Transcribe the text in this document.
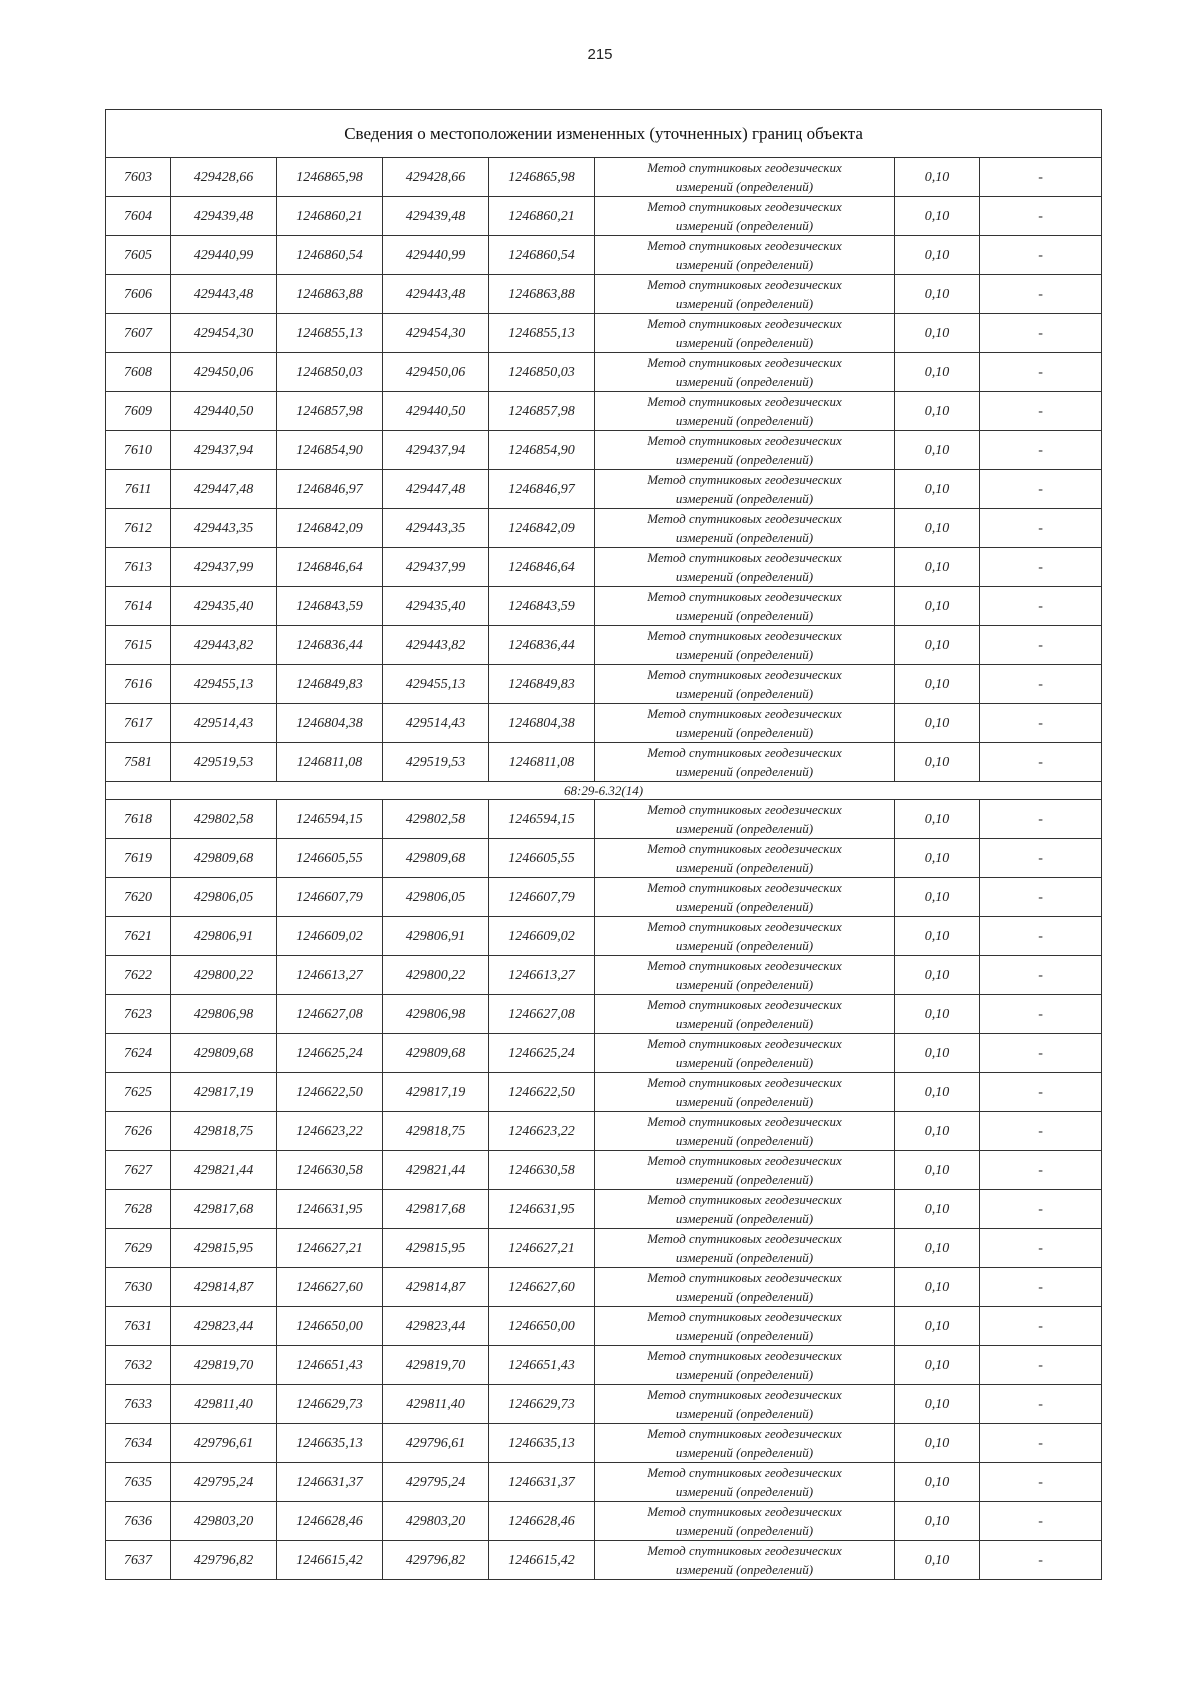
215
Сведения о местоположении измененных (уточненных) границ объекта							
7603	429428,66	1246865,98	429428,66	1246865,98	Метод спутниковых геодезических
измерений (определений)	0,10	-
7604	429439,48	1246860,21	429439,48	1246860,21	Метод спутниковых геодезических
измерений (определений)	0,10	-
7605	429440,99	1246860,54	429440,99	1246860,54	Метод спутниковых геодезических
измерений (определений)	0,10	-
7606	429443,48	1246863,88	429443,48	1246863,88	Метод спутниковых геодезических
измерений (определений)	0,10	-
7607	429454,30	1246855,13	429454,30	1246855,13	Метод спутниковых геодезических
измерений (определений)	0,10	-
7608	429450,06	1246850,03	429450,06	1246850,03	Метод спутниковых геодезических
измерений (определений)	0,10	-
7609	429440,50	1246857,98	429440,50	1246857,98	Метод спутниковых геодезических
измерений (определений)	0,10	-
7610	429437,94	1246854,90	429437,94	1246854,90	Метод спутниковых геодезических
измерений (определений)	0,10	-
7611	429447,48	1246846,97	429447,48	1246846,97	Метод спутниковых геодезических
измерений (определений)	0,10	-
7612	429443,35	1246842,09	429443,35	1246842,09	Метод спутниковых геодезических
измерений (определений)	0,10	-
7613	429437,99	1246846,64	429437,99	1246846,64	Метод спутниковых геодезических
измерений (определений)	0,10	-
7614	429435,40	1246843,59	429435,40	1246843,59	Метод спутниковых геодезических
измерений (определений)	0,10	-
7615	429443,82	1246836,44	429443,82	1246836,44	Метод спутниковых геодезических
измерений (определений)	0,10	-
7616	429455,13	1246849,83	429455,13	1246849,83	Метод спутниковых геодезических
измерений (определений)	0,10	-
7617	429514,43	1246804,38	429514,43	1246804,38	Метод спутниковых геодезических
измерений (определений)	0,10	-
7581	429519,53	1246811,08	429519,53	1246811,08	Метод спутниковых геодезических
измерений (определений)	0,10	-
68:29-6.32(14)							
7618	429802,58	1246594,15	429802,58	1246594,15	Метод спутниковых геодезических
измерений (определений)	0,10	-
7619	429809,68	1246605,55	429809,68	1246605,55	Метод спутниковых геодезических
измерений (определений)	0,10	-
7620	429806,05	1246607,79	429806,05	1246607,79	Метод спутниковых геодезических
измерений (определений)	0,10	-
7621	429806,91	1246609,02	429806,91	1246609,02	Метод спутниковых геодезических
измерений (определений)	0,10	-
7622	429800,22	1246613,27	429800,22	1246613,27	Метод спутниковых геодезических
измерений (определений)	0,10	-
7623	429806,98	1246627,08	429806,98	1246627,08	Метод спутниковых геодезических
измерений (определений)	0,10	-
7624	429809,68	1246625,24	429809,68	1246625,24	Метод спутниковых геодезических
измерений (определений)	0,10	-
7625	429817,19	1246622,50	429817,19	1246622,50	Метод спутниковых геодезических
измерений (определений)	0,10	-
7626	429818,75	1246623,22	429818,75	1246623,22	Метод спутниковых геодезических
измерений (определений)	0,10	-
7627	429821,44	1246630,58	429821,44	1246630,58	Метод спутниковых геодезических
измерений (определений)	0,10	-
7628	429817,68	1246631,95	429817,68	1246631,95	Метод спутниковых геодезических
измерений (определений)	0,10	-
7629	429815,95	1246627,21	429815,95	1246627,21	Метод спутниковых геодезических
измерений (определений)	0,10	-
7630	429814,87	1246627,60	429814,87	1246627,60	Метод спутниковых геодезических
измерений (определений)	0,10	-
7631	429823,44	1246650,00	429823,44	1246650,00	Метод спутниковых геодезических
измерений (определений)	0,10	-
7632	429819,70	1246651,43	429819,70	1246651,43	Метод спутниковых геодезических
измерений (определений)	0,10	-
7633	429811,40	1246629,73	429811,40	1246629,73	Метод спутниковых геодезических
измерений (определений)	0,10	-
7634	429796,61	1246635,13	429796,61	1246635,13	Метод спутниковых геодезических
измерений (определений)	0,10	-
7635	429795,24	1246631,37	429795,24	1246631,37	Метод спутниковых геодезических
измерений (определений)	0,10	-
7636	429803,20	1246628,46	429803,20	1246628,46	Метод спутниковых геодезических
измерений (определений)	0,10	-
7637	429796,82	1246615,42	429796,82	1246615,42	Метод спутниковых геодезических
измерений (определений)	0,10	-
